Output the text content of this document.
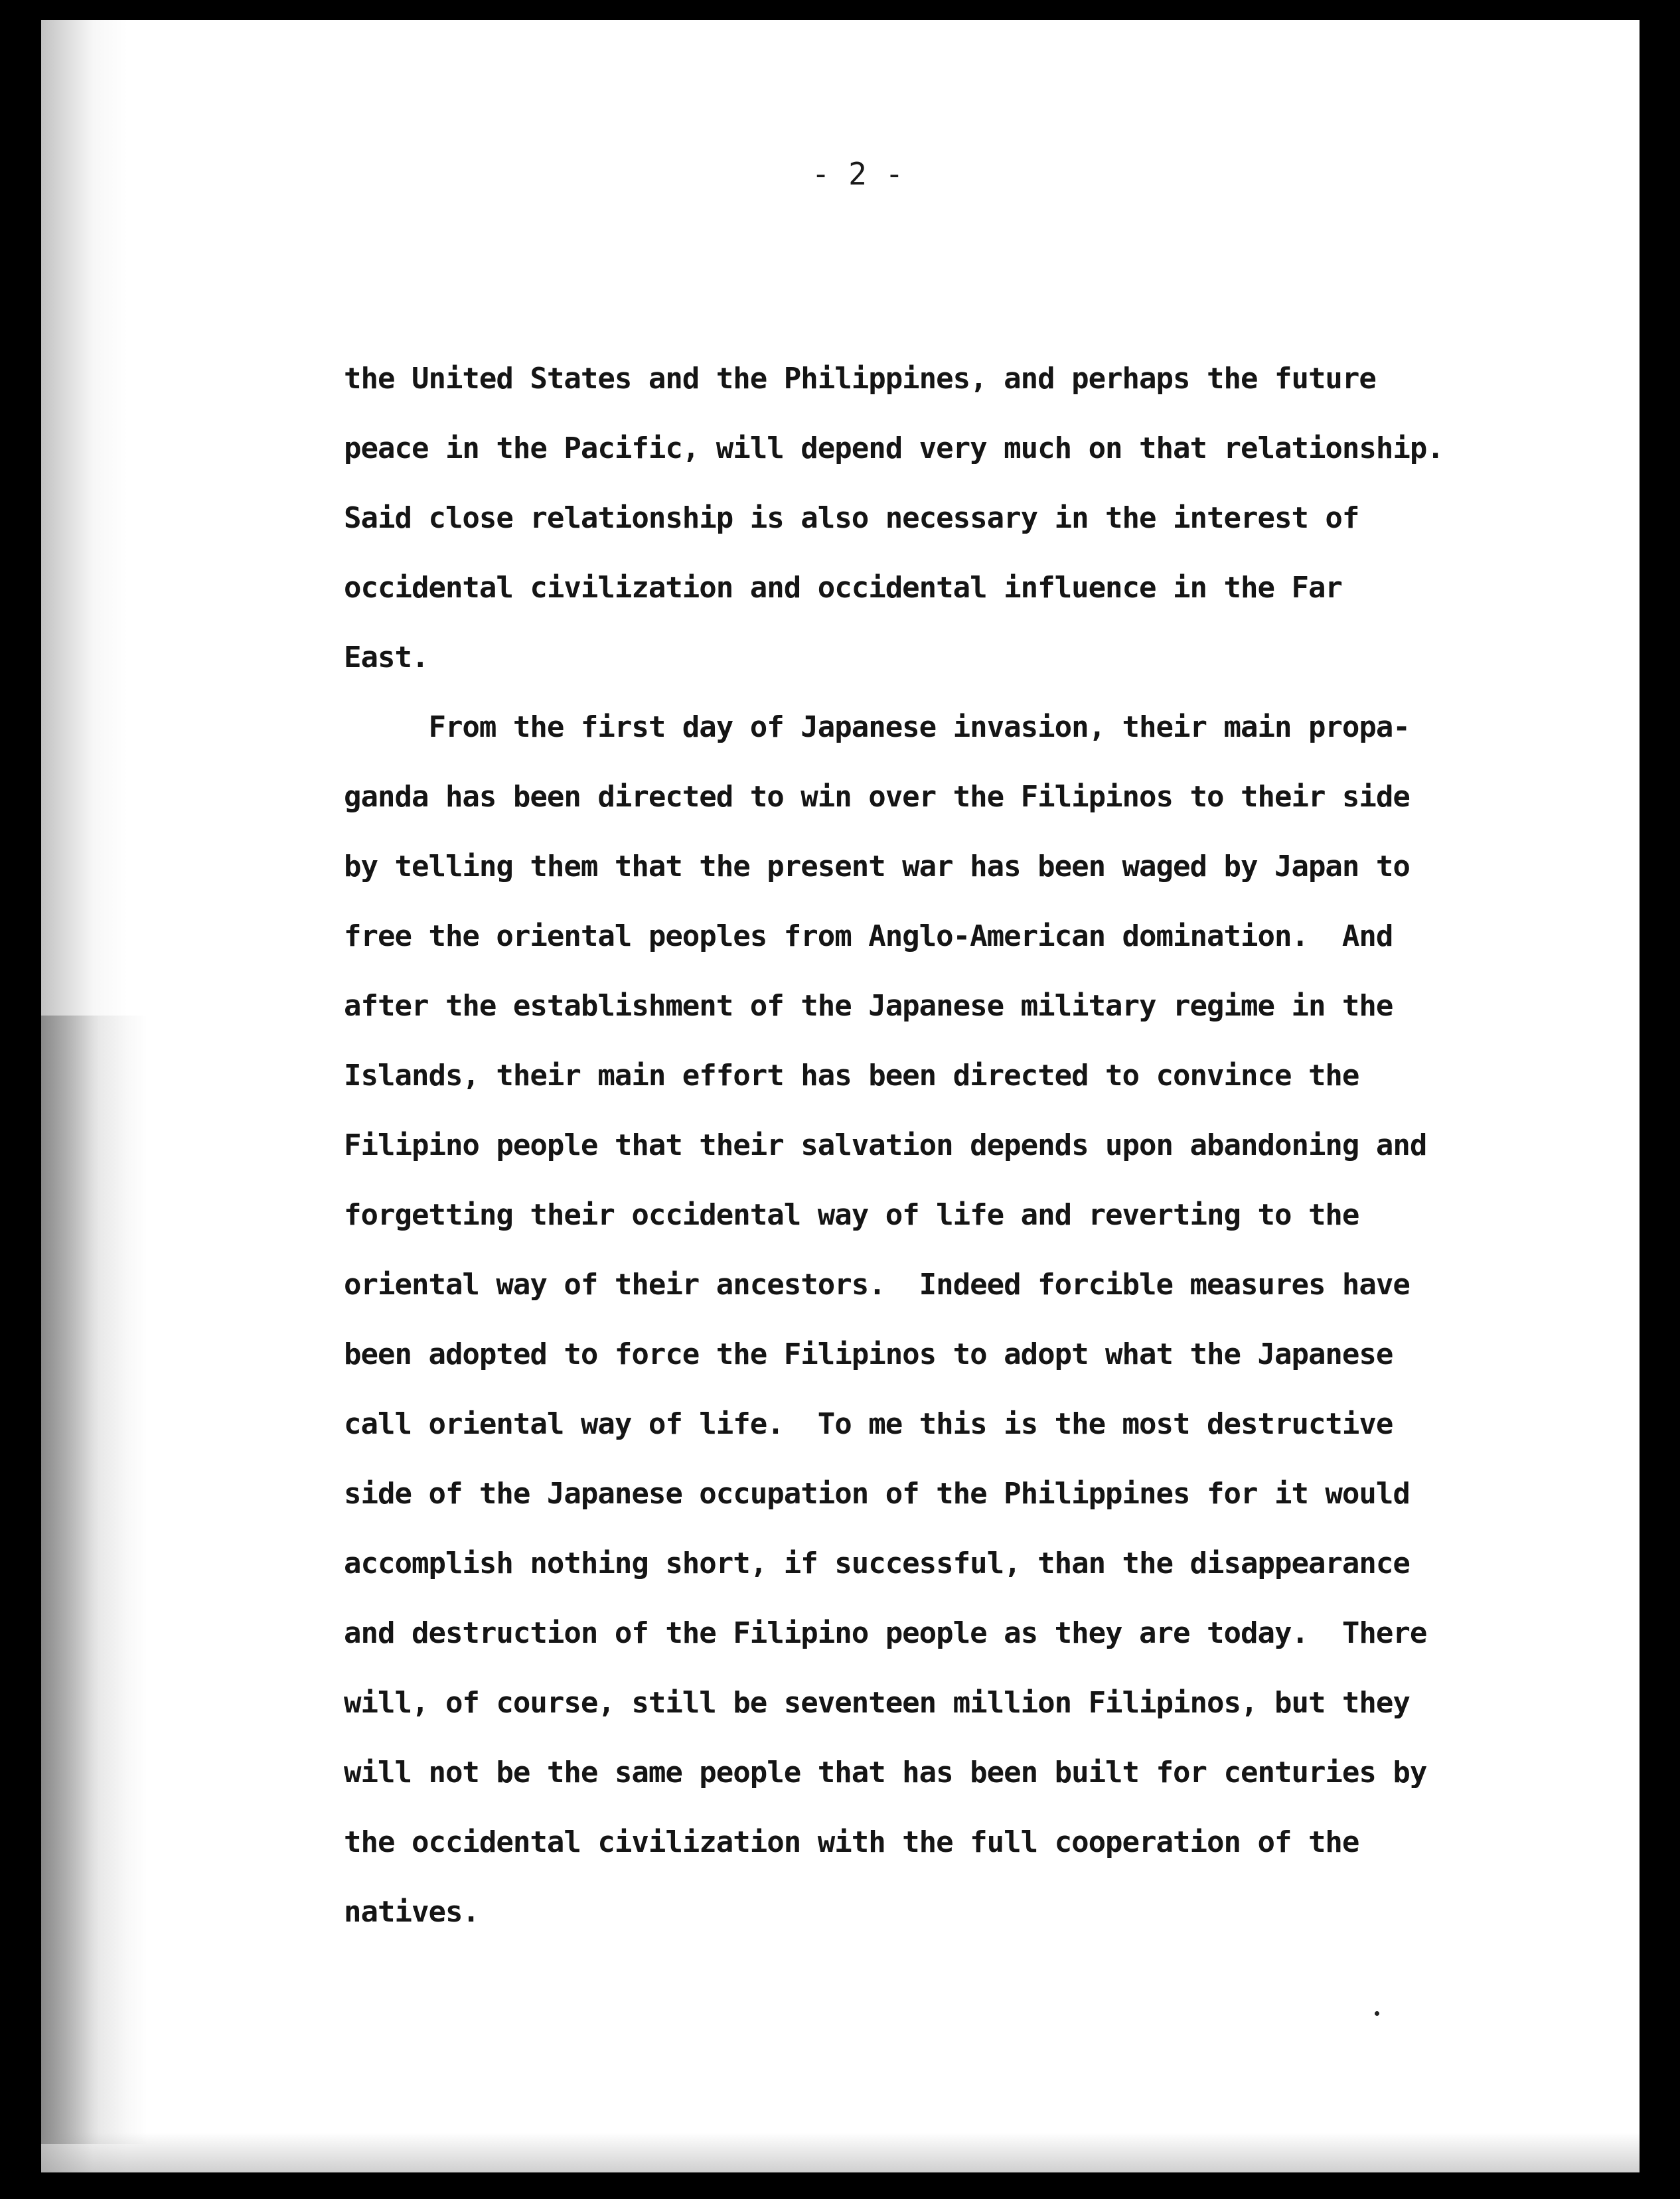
- 2 -

the United States and the Philippines, and perhaps the future

peace in the Pacific, will depend very much on that relationship.

Said close relationship is also necessary in the interest of

occidental civilization and occidental influence in the Far

East.

From the first day of Japanese invasion, their main propa-

ganda has been directed to win over the Filipinos to their side

by telling them that the present war has been waged by Japan to

free the oriental peoples from Anglo-American domination.  And

after the establishment of the Japanese military regime in the

Islands, their main effort has been directed to convince the

Filipino people that their salvation depends upon abandoning and

forgetting their occidental way of life and reverting to the

oriental way of their ancestors.  Indeed forcible measures have

been adopted to force the Filipinos to adopt what the Japanese

call oriental way of life.  To me this is the most destructive

side of the Japanese occupation of the Philippines for it would

accomplish nothing short, if successful, than the disappearance

and destruction of the Filipino people as they are today.  There

will, of course, still be seventeen million Filipinos, but they

will not be the same people that has been built for centuries by

the occidental civilization with the full cooperation of the

natives.
